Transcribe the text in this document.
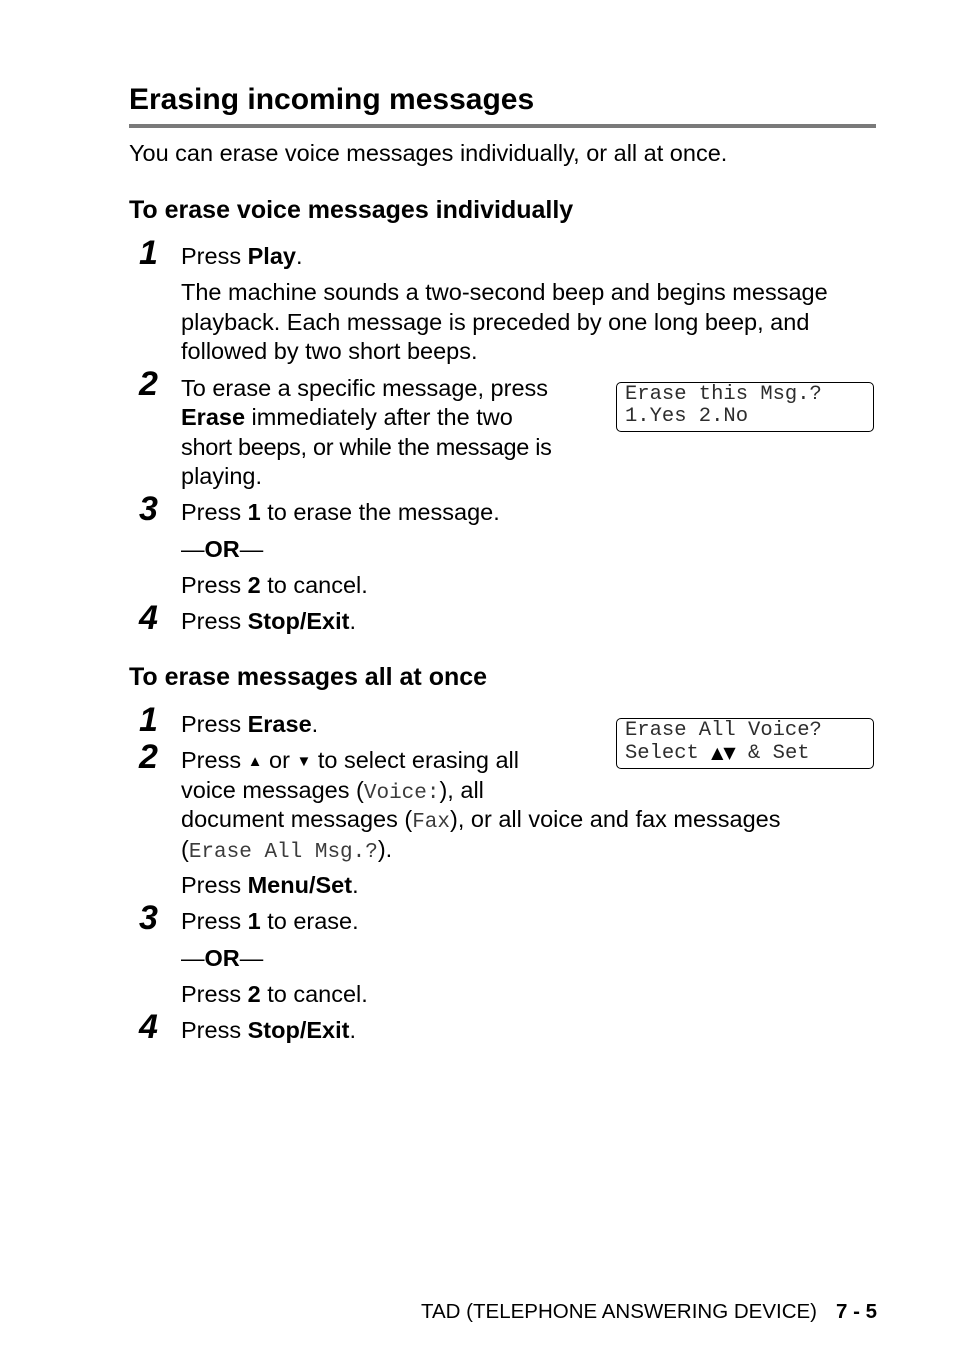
Erasing incoming messages
You can erase voice messages individually, or all at once.
To erase voice messages individually
1 Press Play.
The machine sounds a two-second beep and begins message
playback. Each message is preceded by one long beep, and
followed by two short beeps.
2 To erase a specific message, press
Erase immediately after the two
short beeps, or while the message is
playing.
Erase this Msg.?
1.Yes 2.No
3 Press 1 to erase the message.
—OR—
Press 2 to cancel.
4 Press Stop/Exit.
To erase messages all at once
1 Press Erase.	Erase All Voice?
Select ▲▼ & Set
2 Press ▲ or ▼ to select erasing all
voice messages (Voice:), all
document messages (Fax), or all voice and fax messages
(Erase All Msg.?).
Press Menu/Set.
3 Press 1 to erase.
—OR—
Press 2 to cancel.
4 Press Stop/Exit.
TAD (TELEPHONE ANSWERING DEVICE) 7 - 5
